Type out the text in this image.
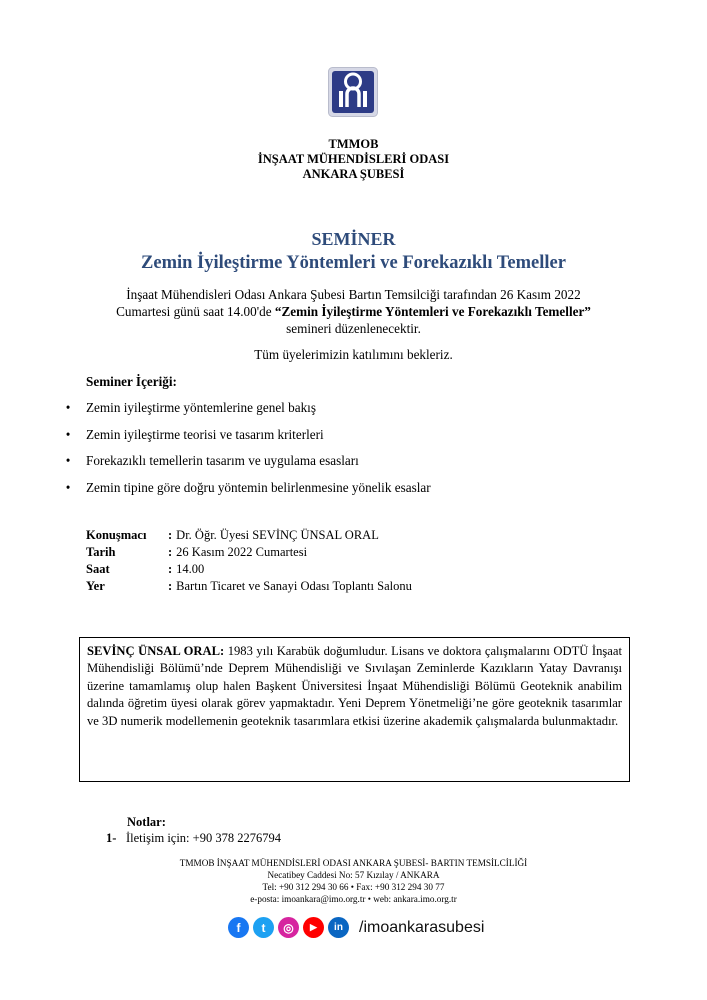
TMMOB
İNŞAAT MÜHENDİSLERİ ODASI
ANKARA ŞUBESİ
SEMİNER
Zemin İyileştirme Yöntemleri ve Forekazıklı Temeller
İnşaat Mühendisleri Odası Ankara Şubesi Bartın Temsilciği tarafından 26 Kasım 2022
Cumartesi günü saat 14.00'de “Zemin İyileştirme Yöntemleri ve Forekazıklı Temeller”
semineri düzenlenecektir.
Tüm üyelerimizin katılımını bekleriz.
Seminer İçeriği:
• Zemin iyileştirme yöntemlerine genel bakış
• Zemin iyileştirme teorisi ve tasarım kriterleri
• Forekazıklı temellerin tasarım ve uygulama esasları
• Zemin tipine göre doğru yöntemin belirlenmesine yönelik esaslar
Konuşmacı	: Dr. Öğr. Üyesi SEVİNÇ ÜNSAL ORAL
Tarih	: 26 Kasım 2022 Cumartesi
Saat	: 14.00
Yer	: Bartın Ticaret ve Sanayi Odası Toplantı Salonu
SEVİNÇ ÜNSAL ORAL: 1983 yılı Karabük doğumludur. Lisans ve doktora çalışmalarını ODTÜ İnşaat Mühendisliği Bölümü’nde Deprem Mühendisliği ve Sıvılaşan Zeminlerde Kazıkların Yatay Davranışı üzerine tamamlamış olup halen Başkent Üniversitesi İnşaat Mühendisliği Bölümü Geoteknik anabilim dalında öğretim üyesi olarak görev yapmaktadır. Yeni Deprem Yönetmeliği’ne göre geoteknik tasarımlar ve 3D numerik modellemenin geoteknik tasarımlara etkisi üzerine akademik çalışmalarda bulunmaktadır.
Notlar:
1- İletişim için: +90 378 2276794
TMMOB İNŞAAT MÜHENDİSLERİ ODASI ANKARA ŞUBESİ- BARTIN TEMSİLCİLİĞİ
Necatibey Caddesi No: 57 Kızılay / ANKARA
Tel: +90 312 294 30 66 • Fax: +90 312 294 30 77
e-posta: imoankara@imo.org.tr • web: ankara.imo.org.tr
f	t	◎	▶	in	/imoankarasubesi
